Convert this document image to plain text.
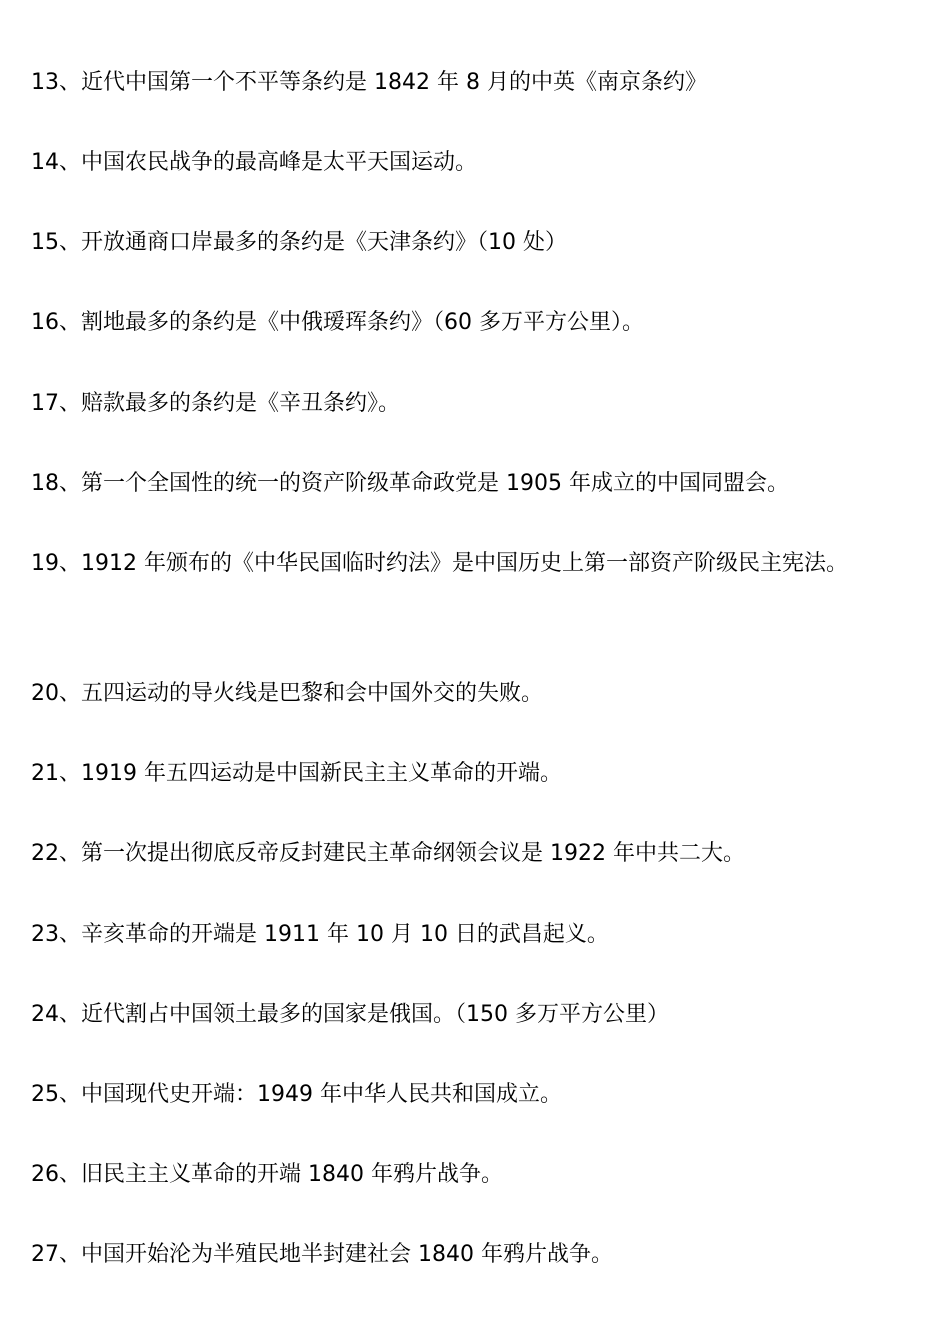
13、近代中国第一个不平等条约是 1842 年 8 月的中英《南京条约》
14、中国农民战争的最高峰是太平天国运动。
15、开放通商口岸最多的条约是《天津条约》（10 处）
16、割地最多的条约是《中俄瑷珲条约》（60 多万平方公里）。
17、赔款最多的条约是《辛丑条约》。
18、第一个全国性的统一的资产阶级革命政党是 1905 年成立的中国同盟会。
19、1912 年颁布的《中华民国临时约法》是中国历史上第一部资产阶级民主宪法。
20、五四运动的导火线是巴黎和会中国外交的失败。
21、1919 年五四运动是中国新民主主义革命的开端。
22、第一次提出彻底反帝反封建民主革命纲领会议是 1922 年中共二大。
23、辛亥革命的开端是 1911 年 10 月 10 日的武昌起义。
24、近代割占中国领土最多的国家是俄国。（150 多万平方公里）
25、中国现代史开端：1949 年中华人民共和国成立。
26、旧民主主义革命的开端 1840 年鸦片战争。
27、中国开始沦为半殖民地半封建社会 1840 年鸦片战争。
